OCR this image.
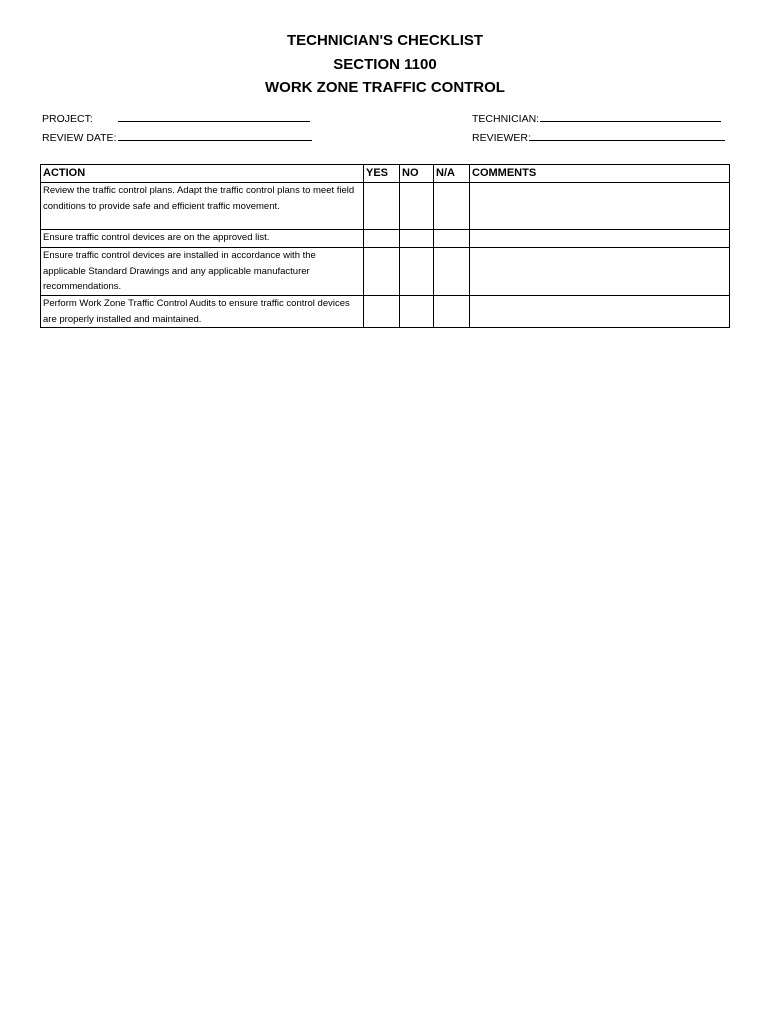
TECHNICIAN'S CHECKLIST
SECTION 1100
WORK ZONE TRAFFIC CONTROL
PROJECT:
REVIEW DATE:
TECHNICIAN:
REVIEWER:
ACTION	YES	NO	N/A	COMMENTS
Review the traffic control plans. Adapt the traffic control plans to meet field conditions to provide safe and efficient traffic movement.				
Ensure traffic control devices are on the approved list.				
Ensure traffic control devices are installed in accordance with the applicable Standard Drawings and any applicable manufacturer recommendations.				
Perform Work Zone Traffic Control Audits to ensure traffic control devices are properly installed and maintained.				
